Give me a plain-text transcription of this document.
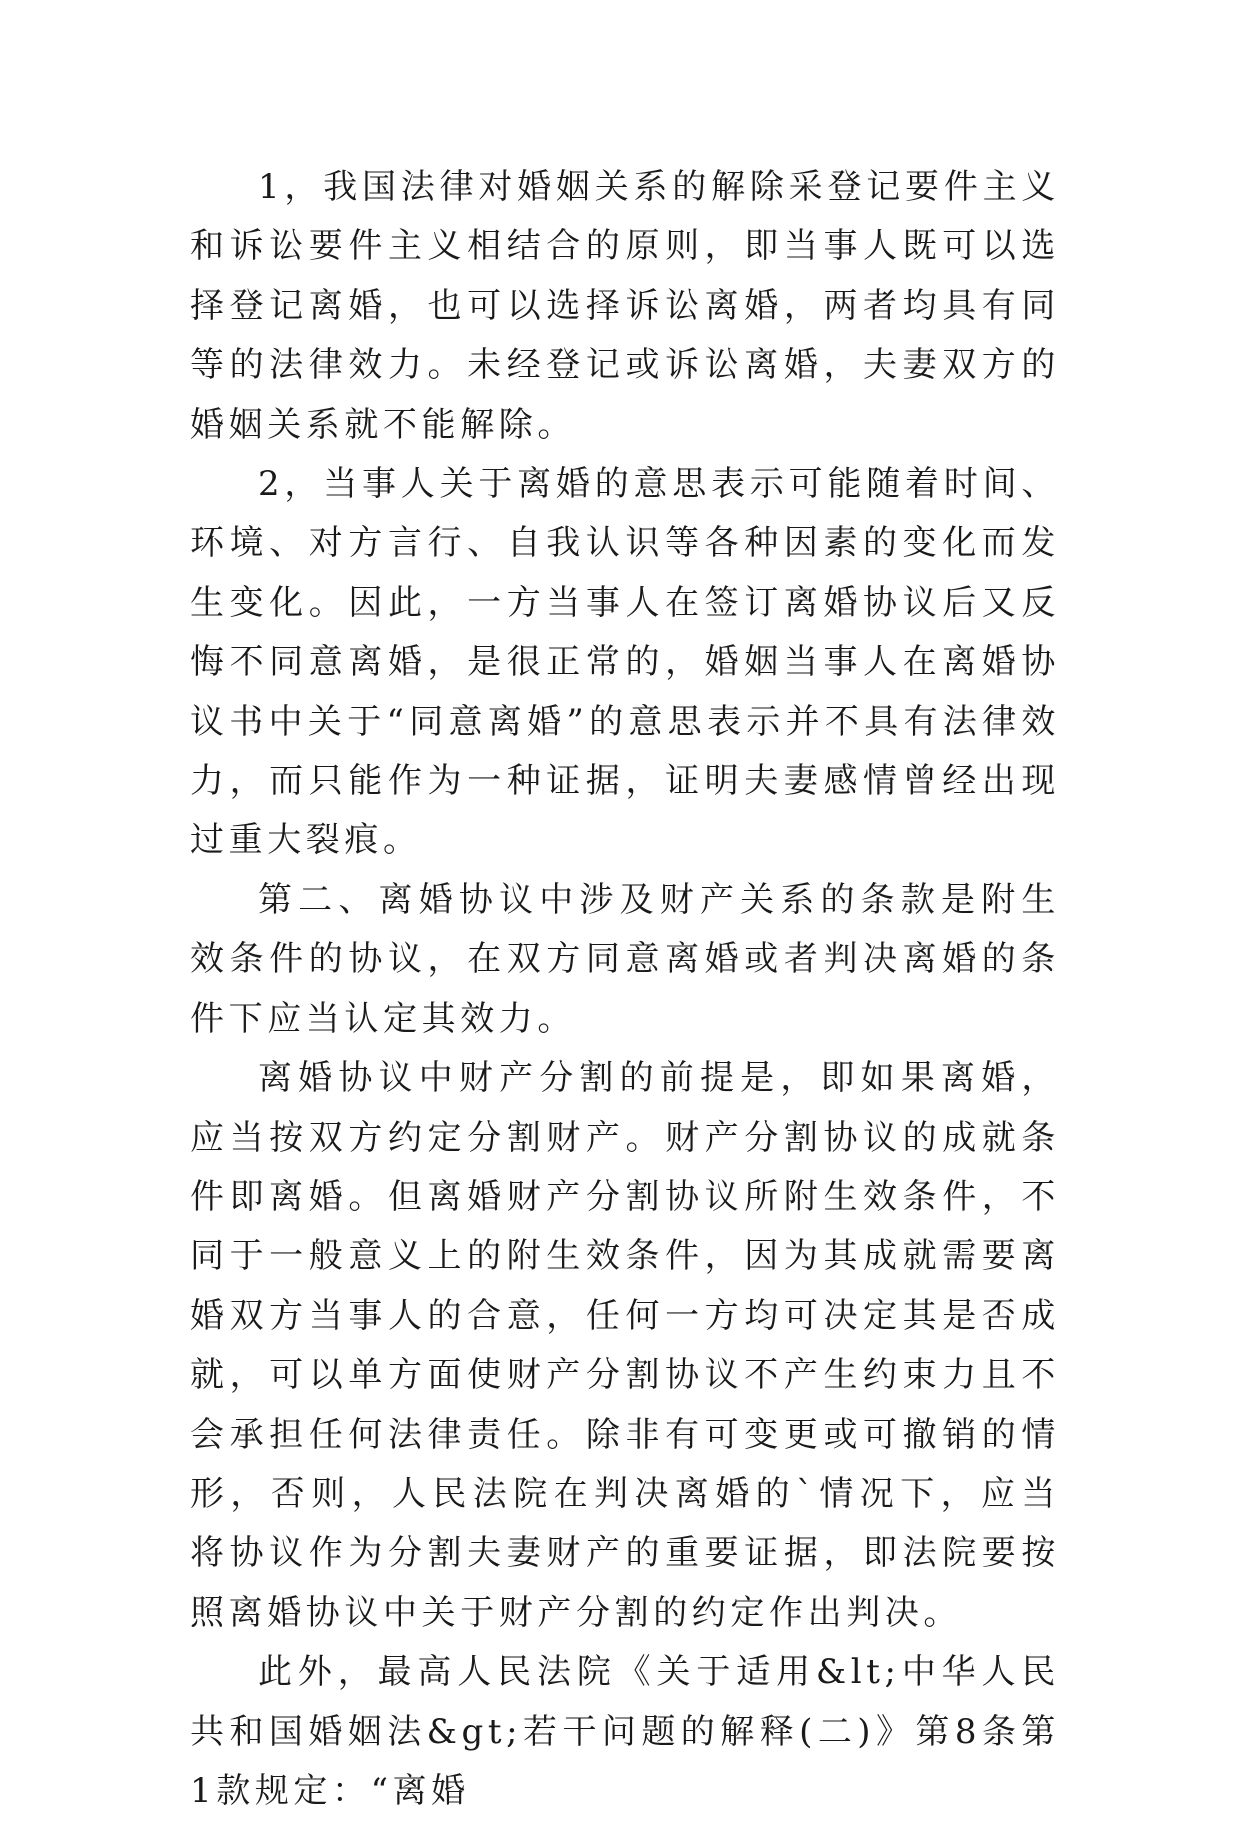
1，我国法律对婚姻关系的解除采登记要件主义和诉讼要件主义相结合的原则，即当事人既可以选择登记离婚，也可以选择诉讼离婚，两者均具有同等的法律效力。未经登记或诉讼离婚，夫妻双方的婚姻关系就不能解除。

2，当事人关于离婚的意思表示可能随着时间、环境、对方言行、自我认识等各种因素的变化而发生变化。因此，一方当事人在签订离婚协议后又反悔不同意离婚，是很正常的，婚姻当事人在离婚协议书中关于“同意离婚”的意思表示并不具有法律效力，而只能作为一种证据，证明夫妻感情曾经出现过重大裂痕。

第二、离婚协议中涉及财产关系的条款是附生效条件的协议，在双方同意离婚或者判决离婚的条件下应当认定其效力。

离婚协议中财产分割的前提是，即如果离婚，应当按双方约定分割财产。财产分割协议的成就条件即离婚。但离婚财产分割协议所附生效条件，不同于一般意义上的附生效条件，因为其成就需要离婚双方当事人的合意，任何一方均可决定其是否成就，可以单方面使财产分割协议不产生约束力且不会承担任何法律责任。除非有可变更或可撤销的情形，否则，人民法院在判决离婚的`情况下，应当将协议作为分割夫妻财产的重要证据，即法院要按照离婚协议中关于财产分割的约定作出判决。

此外，最高人民法院《关于适用&lt;中华人民共和国婚姻法&gt;若干问题的解释(二)》第8条第1款规定：“离婚
